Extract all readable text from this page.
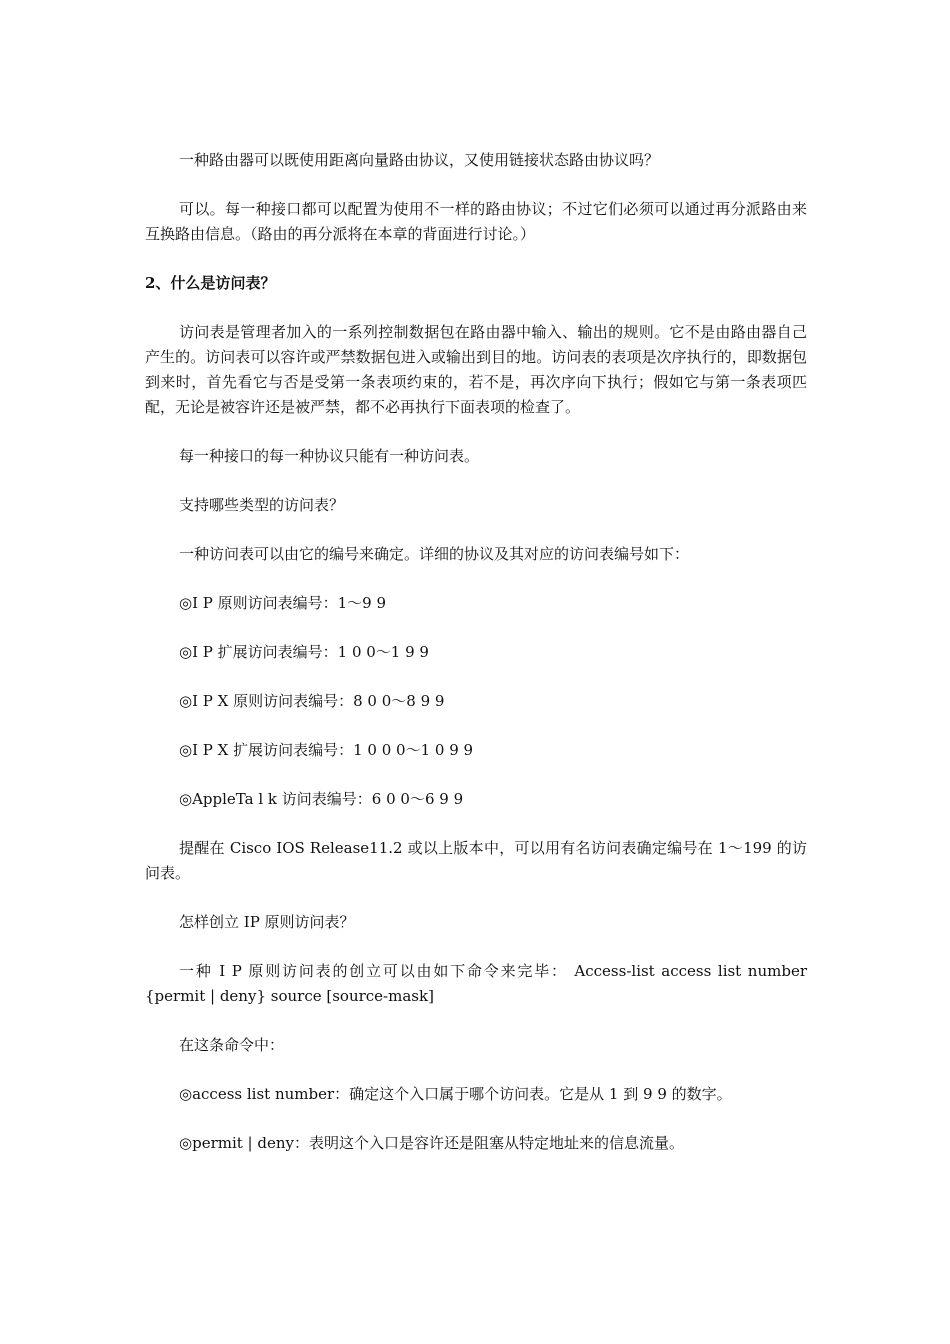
一种路由器可以既使用距离向量路由协议，又使用链接状态路由协议吗？

可以。每一种接口都可以配置为使用不一样的路由协议；不过它们必须可以通过再分派路由来互换路由信息。（路由的再分派将在本章的背面进行讨论。）

2、什么是访问表？

访问表是管理者加入的一系列控制数据包在路由器中输入、输出的规则。它不是由路由器自己产生的。访问表可以容许或严禁数据包进入或输出到目的地。访问表的表项是次序执行的，即数据包到来时，首先看它与否是受第一条表项约束的，若不是，再次序向下执行；假如它与第一条表项匹配，无论是被容许还是被严禁，都不必再执行下面表项的检查了。

每一种接口的每一种协议只能有一种访问表。

支持哪些类型的访问表？

一种访问表可以由它的编号来确定。详细的协议及其对应的访问表编号如下：

◎I P 原则访问表编号：1～9 9

◎I P 扩展访问表编号：1 0 0～1 9 9

◎I P X 原则访问表编号：8 0 0～8 9 9

◎I P X 扩展访问表编号：1 0 0 0～1 0 9 9

◎AppleTa l k 访问表编号：6 0 0～6 9 9

提醒在 Cisco IOS Release11.2 或以上版本中，可以用有名访问表确定编号在 1～199 的访问表。

怎样创立 IP 原则访问表？

一种 I P 原则访问表的创立可以由如下命令来完毕： Access-list access list number {permit | deny} source [source-mask]

在这条命令中：

◎access list number：确定这个入口属于哪个访问表。它是从 1 到 9 9 的数字。

◎permit | deny：表明这个入口是容许还是阻塞从特定地址来的信息流量。
